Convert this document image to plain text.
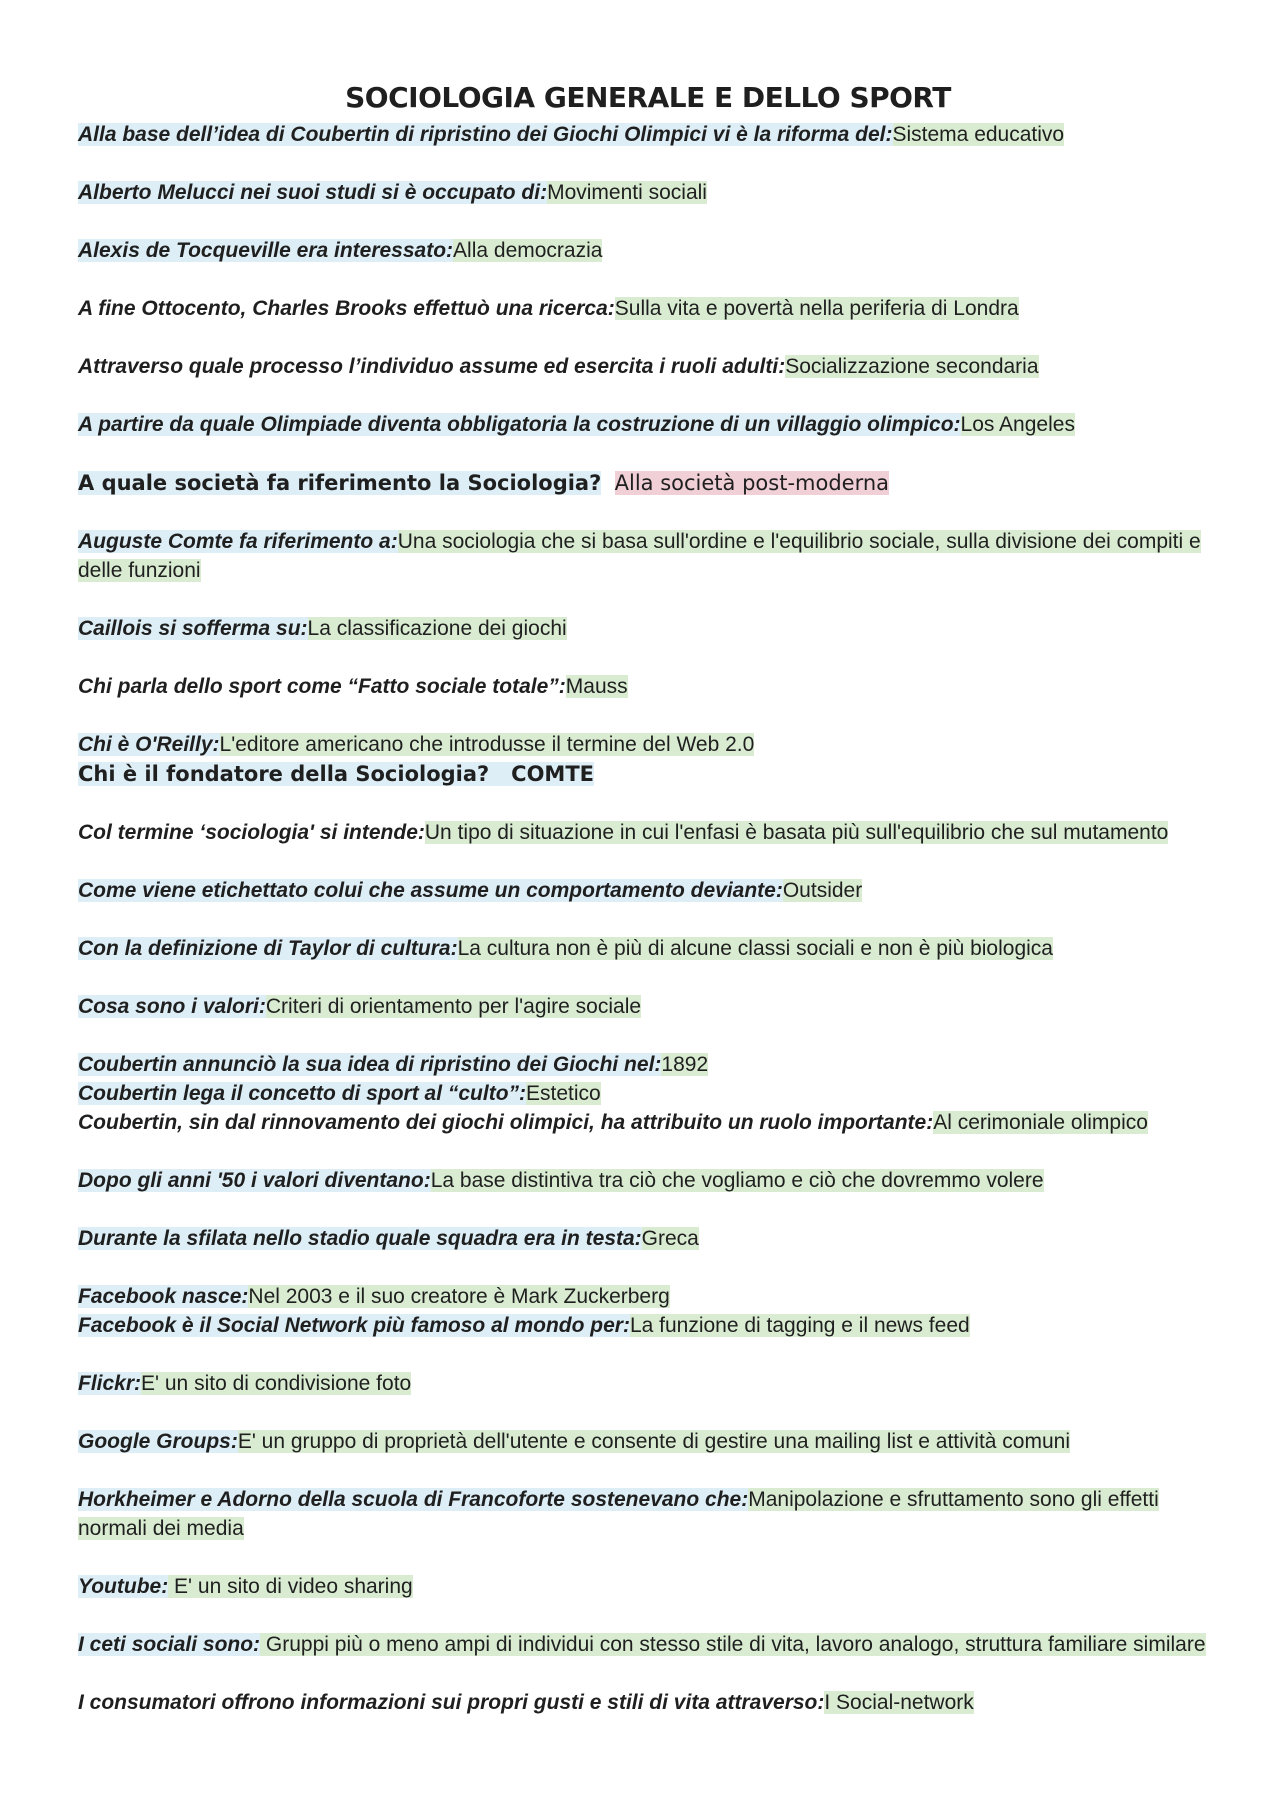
SOCIOLOGIA GENERALE E DELLO SPORT

Alla base dell’idea di Coubertin di ripristino dei Giochi Olimpici vi è la riforma del:Sistema educativo

Alberto Melucci nei suoi studi si è occupato di:Movimenti sociali

Alexis de Tocqueville era interessato:Alla democrazia

A fine Ottocento, Charles Brooks effettuò una ricerca:Sulla vita e povertà nella periferia di Londra

Attraverso quale processo l’individuo assume ed esercita i ruoli adulti:Socializzazione secondaria

A partire da quale Olimpiade diventa obbligatoria la costruzione di un villaggio olimpico:Los Angeles

A quale società fa riferimento la Sociologia? Alla società post-moderna

Auguste Comte fa riferimento a:Una sociologia che si basa sull'ordine e l'equilibrio sociale, sulla divisione dei compiti e delle funzioni

Caillois si sofferma su:La classificazione dei giochi

Chi parla dello sport come “Fatto sociale totale”:Mauss

Chi è O'Reilly:L'editore americano che introdusse il termine del Web 2.0

Chi è il fondatore della Sociologia? COMTE

Col termine ‘sociologia' si intende:Un tipo di situazione in cui l'enfasi è basata più sull'equilibrio che sul mutamento

Come viene etichettato colui che assume un comportamento deviante:Outsider

Con la definizione di Taylor di cultura:La cultura non è più di alcune classi sociali e non è più biologica

Cosa sono i valori:Criteri di orientamento per l'agire sociale

Coubertin annunciò la sua idea di ripristino dei Giochi nel:1892

Coubertin lega il concetto di sport al “culto”:Estetico

Coubertin, sin dal rinnovamento dei giochi olimpici, ha attribuito un ruolo importante:Al cerimoniale olimpico

Dopo gli anni '50 i valori diventano:La base distintiva tra ciò che vogliamo e ciò che dovremmo volere

Durante la sfilata nello stadio quale squadra era in testa:Greca

Facebook nasce:Nel 2003 e il suo creatore è Mark Zuckerberg

Facebook è il Social Network più famoso al mondo per:La funzione di tagging e il news feed

Flickr:E' un sito di condivisione foto

Google Groups:E' un gruppo di proprietà dell'utente e consente di gestire una mailing list e attività comuni

Horkheimer e Adorno della scuola di Francoforte sostenevano che:Manipolazione e sfruttamento sono gli effetti normali dei media

Youtube: E' un sito di video sharing

I ceti sociali sono: Gruppi più o meno ampi di individui con stesso stile di vita, lavoro analogo, struttura familiare similare

I consumatori offrono informazioni sui propri gusti e stili di vita attraverso:I Social-network
